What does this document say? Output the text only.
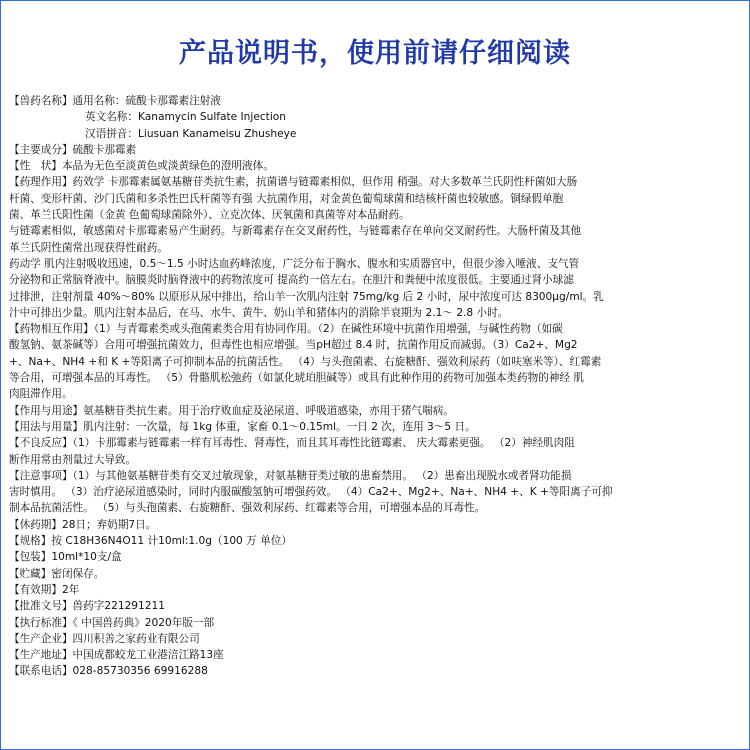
产品说明书，使用前请仔细阅读
【兽药名称】通用名称：硫酸卡那霉素注射液
英文名称：Kanamycin Sulfate Injection
汉语拼音：Liusuan Kanameisu Zhusheye
【主要成分】硫酸卡那霉素
【性　状】本品为无色至淡黄色或淡黄绿色的澄明液体。
【药理作用】药效学 卡那霉素属氨基糖苷类抗生素，抗菌谱与链霉素相似，但作用 稍强。对大多数革兰氏阴性杆菌如大肠
杆菌、变形杆菌、沙门氏菌和多杀性巴氏杆菌等有强 大抗菌作用，对金黄色葡萄球菌和结核杆菌也较敏感。铜绿假单胞
菌、革兰氏阳性菌（金黄 色葡萄球菌除外）、立克次体、厌氧菌和真菌等对本品耐药。
与链霉素相似，敏感菌对卡那霉素易产生耐药。与新霉素存在交叉耐药性，与链霉素存在单向交叉耐药性。大肠杆菌及其他
革兰氏阴性菌常出现获得性耐药。
药动学 肌内注射吸收迅速，0.5～1.5 小时达血药峰浓度，广泛分布于胸水、腹水和实质器官中，但很少渗入唾液、支气管
分泌物和正常脑脊液中。脑膜炎时脑脊液中的药物浓度可 提高约一倍左右。在胆汁和粪便中浓度很低。主要通过肾小球滤
过排泄，注射剂量 40%～80% 以原形从尿中排出，给山羊一次肌内注射 75mg/kg 后 2 小时，尿中浓度可达 8300μg/ml。乳
汁中可排出少量。肌内注射本品后，在马、水牛、黄牛、奶山羊和猪体内的消除半衰期为 2.1～ 2.8 小时。
【药物相互作用】（1）与青霉素类或头孢菌素类合用有协同作用。（2）在碱性环境中抗菌作用增强，与碱性药物（如碳
酸氢钠、氨茶碱等）合用可增强抗菌效力，但毒性也相应增强。当pH超过 8.4 时，抗菌作用反而减弱。（3）Ca2+、Mg2
+、Na+、NH4 +和 K +等阳离子可抑制本品的抗菌活性。 （4）与头孢菌素、右旋糖酐、强效利尿药（如呋塞米等）、红霉素
等合用，可增强本品的耳毒性。 （5）骨骼肌松弛药（如氯化琥珀胆碱等）或具有此种作用的药物可加强本类药物的神经 肌
肉阻滞作用。
【作用与用途】氨基糖苷类抗生素。用于治疗败血症及泌尿道、呼吸道感染，亦用于猪气喘病。
【用法与用量】肌内注射：一次量，每 1kg 体重，家畜 0.1～0.15ml。一日 2 次，连用 3～5 日。
【不良反应】（1）卡那霉素与链霉素一样有耳毒性、肾毒性，而且其耳毒性比链霉素、 庆大霉素更强。 （2）神经肌肉阻
断作用常由剂量过大导致。
【注意事项】（1）与其他氨基糖苷类有交叉过敏现象，对氨基糖苷类过敏的患畜禁用。 （2）患畜出现脱水或者肾功能损
害时慎用。 （3）治疗泌尿道感染时，同时内服碳酸氢钠可增强药效。 （4）Ca2+、Mg2+、Na+、NH4 +、K +等阳离子可抑
制本品抗菌活性。 （5）与头孢菌素、右旋糖酐、强效利尿药、红霉素等合用，可增强本品的耳毒性。
【休药期】28日；弃奶期7日。
【规格】按 C18H36N4O11 计10ml:1.0g（100 万 单位）
【包装】10ml*10支/盒
【贮藏】密闭保存。
【有效期】2年
【批准文号】兽药字221291211
【执行标准】《 中国兽药典》2020年版一部
【生产企业】四川积善之家药业有限公司
【生产地址】中国成都蛟龙工业港涪江路13座
【联系电话】028-85730356 69916288
